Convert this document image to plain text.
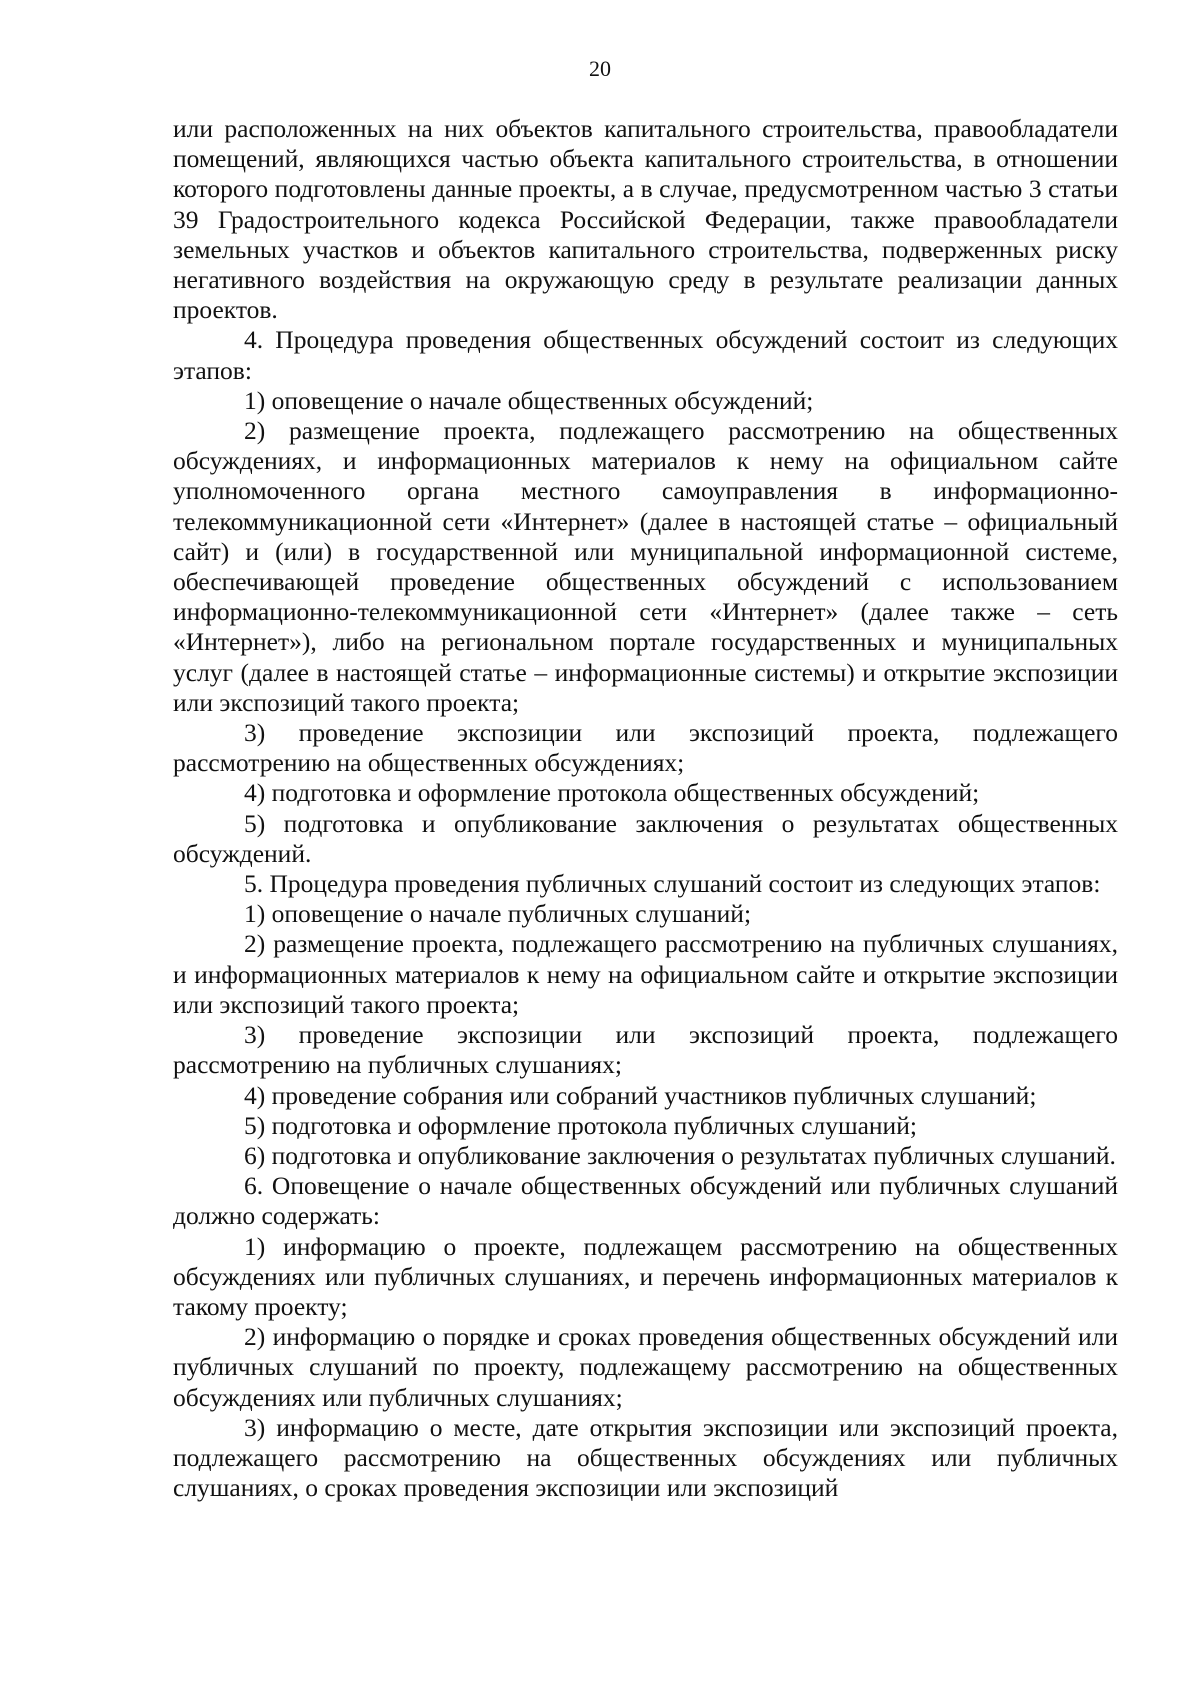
20

или расположенных на них объектов капитального строительства, правообладатели помещений, являющихся частью объекта капитального строительства, в отношении которого подготовлены данные проекты, а в случае, предусмотренном частью 3 статьи 39 Градостроительного кодекса Российской Федерации, также правообладатели земельных участков и объектов капитального строительства, подверженных риску негативного воздействия на окружающую среду в результате реализации данных проектов.

4. Процедура проведения общественных обсуждений состоит из следующих этапов:

1) оповещение о начале общественных обсуждений;

2) размещение проекта, подлежащего рассмотрению на общественных обсуждениях, и информационных материалов к нему на официальном сайте уполномоченного органа местного самоуправления в информационно-телекоммуникационной сети «Интернет» (далее в настоящей статье – официальный сайт) и (или) в государственной или муниципальной информационной системе, обеспечивающей проведение общественных обсуждений с использованием информационно-телекоммуникационной сети «Интернет» (далее также – сеть «Интернет»), либо на региональном портале государственных и муниципальных услуг (далее в настоящей статье – информационные системы) и открытие экспозиции или экспозиций такого проекта;

3) проведение экспозиции или экспозиций проекта, подлежащего рассмотрению на общественных обсуждениях;

4) подготовка и оформление протокола общественных обсуждений;

5) подготовка и опубликование заключения о результатах общественных обсуждений.

5. Процедура проведения публичных слушаний состоит из следующих этапов:

1) оповещение о начале публичных слушаний;

2) размещение проекта, подлежащего рассмотрению на публичных слушаниях, и информационных материалов к нему на официальном сайте и открытие экспозиции или экспозиций такого проекта;

3) проведение экспозиции или экспозиций проекта, подлежащего рассмотрению на публичных слушаниях;

4) проведение собрания или собраний участников публичных слушаний;

5) подготовка и оформление протокола публичных слушаний;

6) подготовка и опубликование заключения о результатах публичных слушаний.

6. Оповещение о начале общественных обсуждений или публичных слушаний должно содержать:

1) информацию о проекте, подлежащем рассмотрению на общественных обсуждениях или публичных слушаниях, и перечень информационных материалов к такому проекту;

2) информацию о порядке и сроках проведения общественных обсуждений или публичных слушаний по проекту, подлежащему рассмотрению на общественных обсуждениях или публичных слушаниях;

3) информацию о месте, дате открытия экспозиции или экспозиций проекта, подлежащего рассмотрению на общественных обсуждениях или публичных слушаниях, о сроках проведения экспозиции или экспозиций
